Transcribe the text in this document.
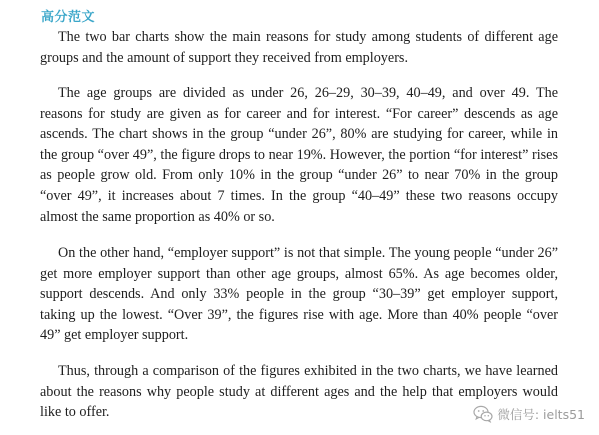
高分范文

The two bar charts show the main reasons for study among students of different age groups and the amount of support they received from employers.

The age groups are divided as under 26, 26–29, 30–39, 40–49, and over 49. The reasons for study are given as for career and for interest. “For career” descends as age ascends. The chart shows in the group “under 26”, 80% are studying for career, while in the group “over 49”, the figure drops to near 19%. However, the portion “for interest” rises as people grow old. From only 10% in the group “under 26” to near 70% in the group “over 49”, it increases about 7 times. In the group “40–49” these two reasons occupy almost the same proportion as 40% or so.

On the other hand, “employer support” is not that simple. The young people “under 26” get more employer support than other age groups, almost 65%. As age becomes older, support descends. And only 33% people in the group “30–39” get employer support, taking up the lowest. “Over 39”, the figures rise with age. More than 40% people “over 49” get employer support.

Thus, through a comparison of the figures exhibited in the two charts, we have learned about the reasons why people study at different ages and the help that employers would like to offer.	微信号: ielts51
